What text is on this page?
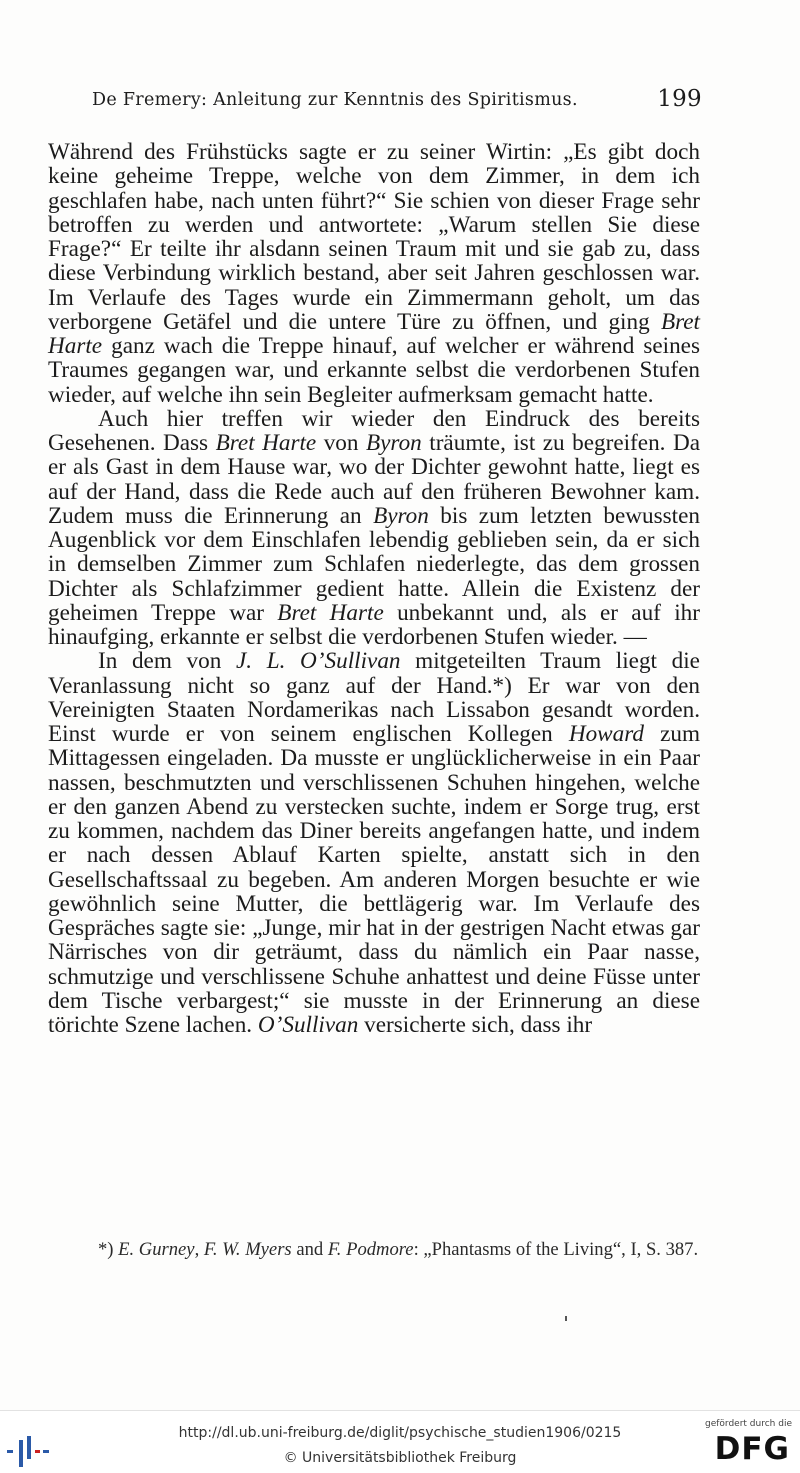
De Fremery: Anleitung zur Kenntnis des Spiritismus.	199

Während des Frühstücks sagte er zu seiner Wirtin: „Es gibt doch keine geheime Treppe, welche von dem Zimmer, in dem ich geschlafen habe, nach unten führt?“ Sie schien von dieser Frage sehr betroffen zu werden und antwortete: „Warum stellen Sie diese Frage?“ Er teilte ihr alsdann seinen Traum mit und sie gab zu, dass diese Verbindung wirklich bestand, aber seit Jahren geschlossen war. Im Verlaufe des Tages wurde ein Zimmermann geholt, um das verborgene Getäfel und die untere Türe zu öffnen, und ging Bret Harte ganz wach die Treppe hinauf, auf welcher er während seines Traumes gegangen war, und erkannte selbst die verdorbenen Stufen wieder, auf welche ihn sein Begleiter aufmerksam gemacht hatte.

Auch hier treffen wir wieder den Eindruck des bereits Gesehenen. Dass Bret Harte von Byron träumte, ist zu begreifen. Da er als Gast in dem Hause war, wo der Dichter gewohnt hatte, liegt es auf der Hand, dass die Rede auch auf den früheren Bewohner kam. Zudem muss die Erinnerung an Byron bis zum letzten bewussten Augenblick vor dem Einschlafen lebendig geblieben sein, da er sich in demselben Zimmer zum Schlafen niederlegte, das dem grossen Dichter als Schlafzimmer gedient hatte. Allein die Existenz der geheimen Treppe war Bret Harte unbekannt und, als er auf ihr hinaufging, erkannte er selbst die verdorbenen Stufen wieder. —

In dem von J. L. O’Sullivan mitgeteilten Traum liegt die Veranlassung nicht so ganz auf der Hand.*) Er war von den Vereinigten Staaten Nordamerikas nach Lissabon gesandt worden. Einst wurde er von seinem englischen Kollegen Howard zum Mittagessen eingeladen. Da musste er unglücklicherweise in ein Paar nassen, beschmutzten und verschlissenen Schuhen hingehen, welche er den ganzen Abend zu verstecken suchte, indem er Sorge trug, erst zu kommen, nachdem das Diner bereits angefangen hatte, und indem er nach dessen Ablauf Karten spielte, anstatt sich in den Gesellschaftssaal zu begeben. Am anderen Morgen besuchte er wie gewöhnlich seine Mutter, die bettlägerig war. Im Verlaufe des Gespräches sagte sie: „Junge, mir hat in der gestrigen Nacht etwas gar Närrisches von dir geträumt, dass du nämlich ein Paar nasse, schmutzige und verschlissene Schuhe anhattest und deine Füsse unter dem Tische verbargest;“ sie musste in der Erinnerung an diese törichte Szene lachen. O’Sullivan versicherte sich, dass ihr

*) E. Gurney, F. W. Myers and F. Podmore: „Phantasms of the Living“, I, S. 387.
http://dl.ub.uni-freiburg.de/diglit/psychische_studien1906/0215
© Universitätsbibliothek Freiburg
gefördert durch die
DFG
